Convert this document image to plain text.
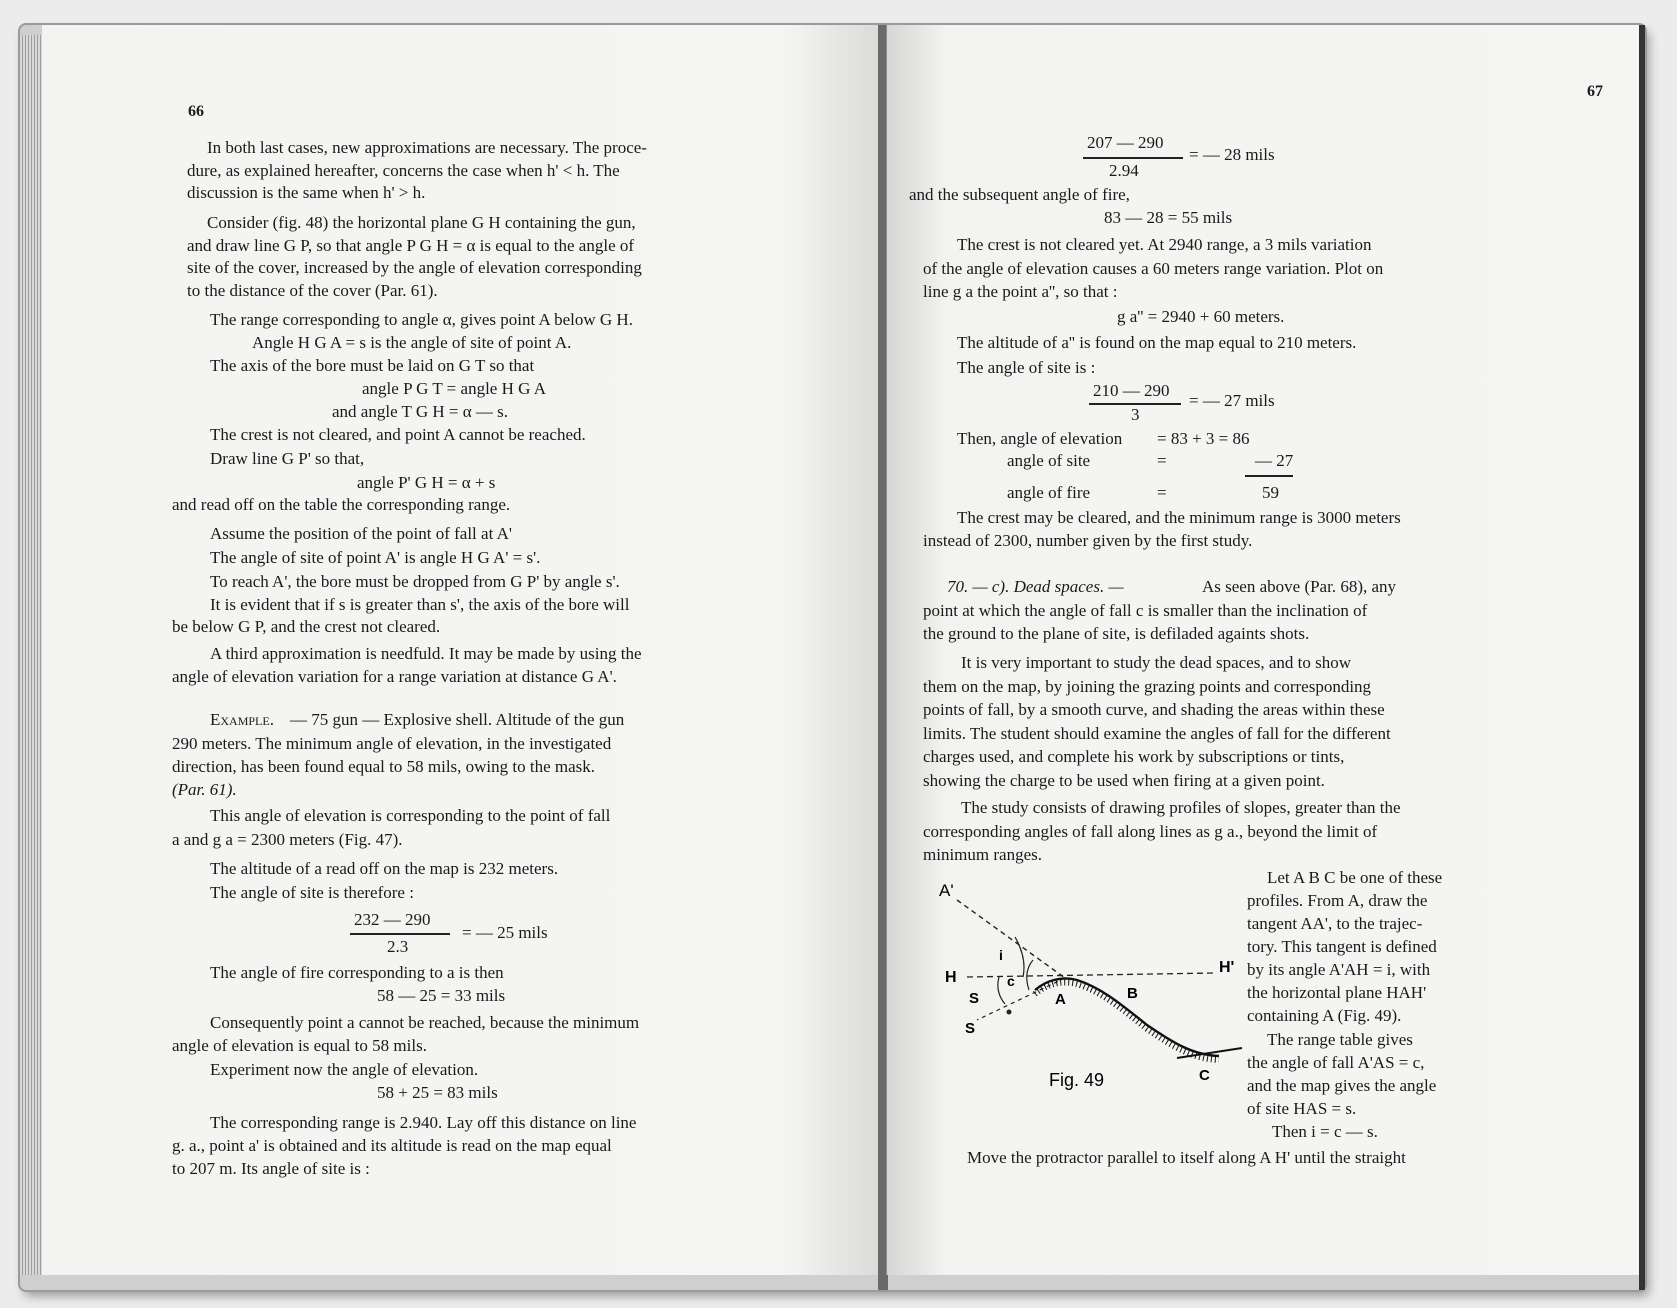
66
In both last cases, new approximations are necessary. The proce-
dure, as explained hereafter, concerns the case when h' < h. The
discussion is the same when h' > h.
Consider (fig. 48) the horizontal plane G H containing the gun,
and draw line G P, so that angle P G H = α is equal to the angle of
site of the cover, increased by the angle of elevation corresponding
to the distance of the cover (Par. 61).
The range corresponding to angle α, gives point A below G H.
Angle H G A = s is the angle of site of point A.
The axis of the bore must be laid on G T so that
angle P G T = angle H G A
and angle T G H = α — s.
The crest is not cleared, and point A cannot be reached.
Draw line G P' so that,
angle P' G H = α + s
and read off on the table the corresponding range.
Assume the position of the point of fall at A'
The angle of site of point A' is angle H G A' = s'.
To reach A', the bore must be dropped from G P' by angle s'.
It is evident that if s is greater than s', the axis of the bore will
be below G P, and the crest not cleared.
A third approximation is needfuld. It may be made by using the
angle of elevation variation for a range variation at distance G A'.
Example. — 75 gun — Explosive shell. Altitude of the gun
290 meters. The minimum angle of elevation, in the investigated
direction, has been found equal to 58 mils, owing to the mask.
(Par. 61).
This angle of elevation is corresponding to the point of fall
a and g a = 2300 meters (Fig. 47).
The altitude of a read off on the map is 232 meters.
The angle of site is therefore :
232 — 290
2.3
= — 25 mils
The angle of fire corresponding to a is then
58 — 25 = 33 mils
Consequently point a cannot be reached, because the minimum
angle of elevation is equal to 58 mils.
Experiment now the angle of elevation.
58 + 25 = 83 mils
The corresponding range is 2.940. Lay off this distance on line
g. a., point a' is obtained and its altitude is read on the map equal
to 207 m. Its angle of site is :
67
207 — 290
2.94
= — 28 mils
and the subsequent angle of fire,
83 — 28 = 55 mils
The crest is not cleared yet. At 2940 range, a 3 mils variation
of the angle of elevation causes a 60 meters range variation. Plot on
line g a the point a'', so that :
g a'' = 2940 + 60 meters.
The altitude of a'' is found on the map equal to 210 meters.
The angle of site is :
210 — 290
3
= — 27 mils
Then, angle of elevation = 83 + 3 = 86
angle of site	=	— 27
angle of fire	=	59
The crest may be cleared, and the minimum range is 3000 meters
instead of 2300, number given by the first study.
70. — c). Dead spaces. —	As seen above (Par. 68), any
point at which the angle of fall c is smaller than the inclination of
the ground to the plane of site, is defiladed againts shots.
It is very important to study the dead spaces, and to show
them on the map, by joining the grazing points and corresponding
points of fall, by a smooth curve, and shading the areas within these
limits. The student should examine the angles of fall for the different
charges used, and complete his work by subscriptions or tints,
showing the charge to be used when firing at a given point.
The study consists of drawing profiles of slopes, greater than the
corresponding angles of fall along lines as g a., beyond the limit of
minimum ranges.
Let A B C be one of these
profiles. From A, draw the
tangent AA', to the trajec-
tory. This tangent is defined
by its angle A'AH = i, with
the horizontal plane HAH'
containing A (Fig. 49).
The range table gives
the angle of fall A'AS = c,
and the map gives the angle
of site HAS = s.
Then i = c — s.
Move the protractor parallel to itself along A H' until the straight
A'
H
H'
S
S
i
c
A	B
C
Fig. 49
